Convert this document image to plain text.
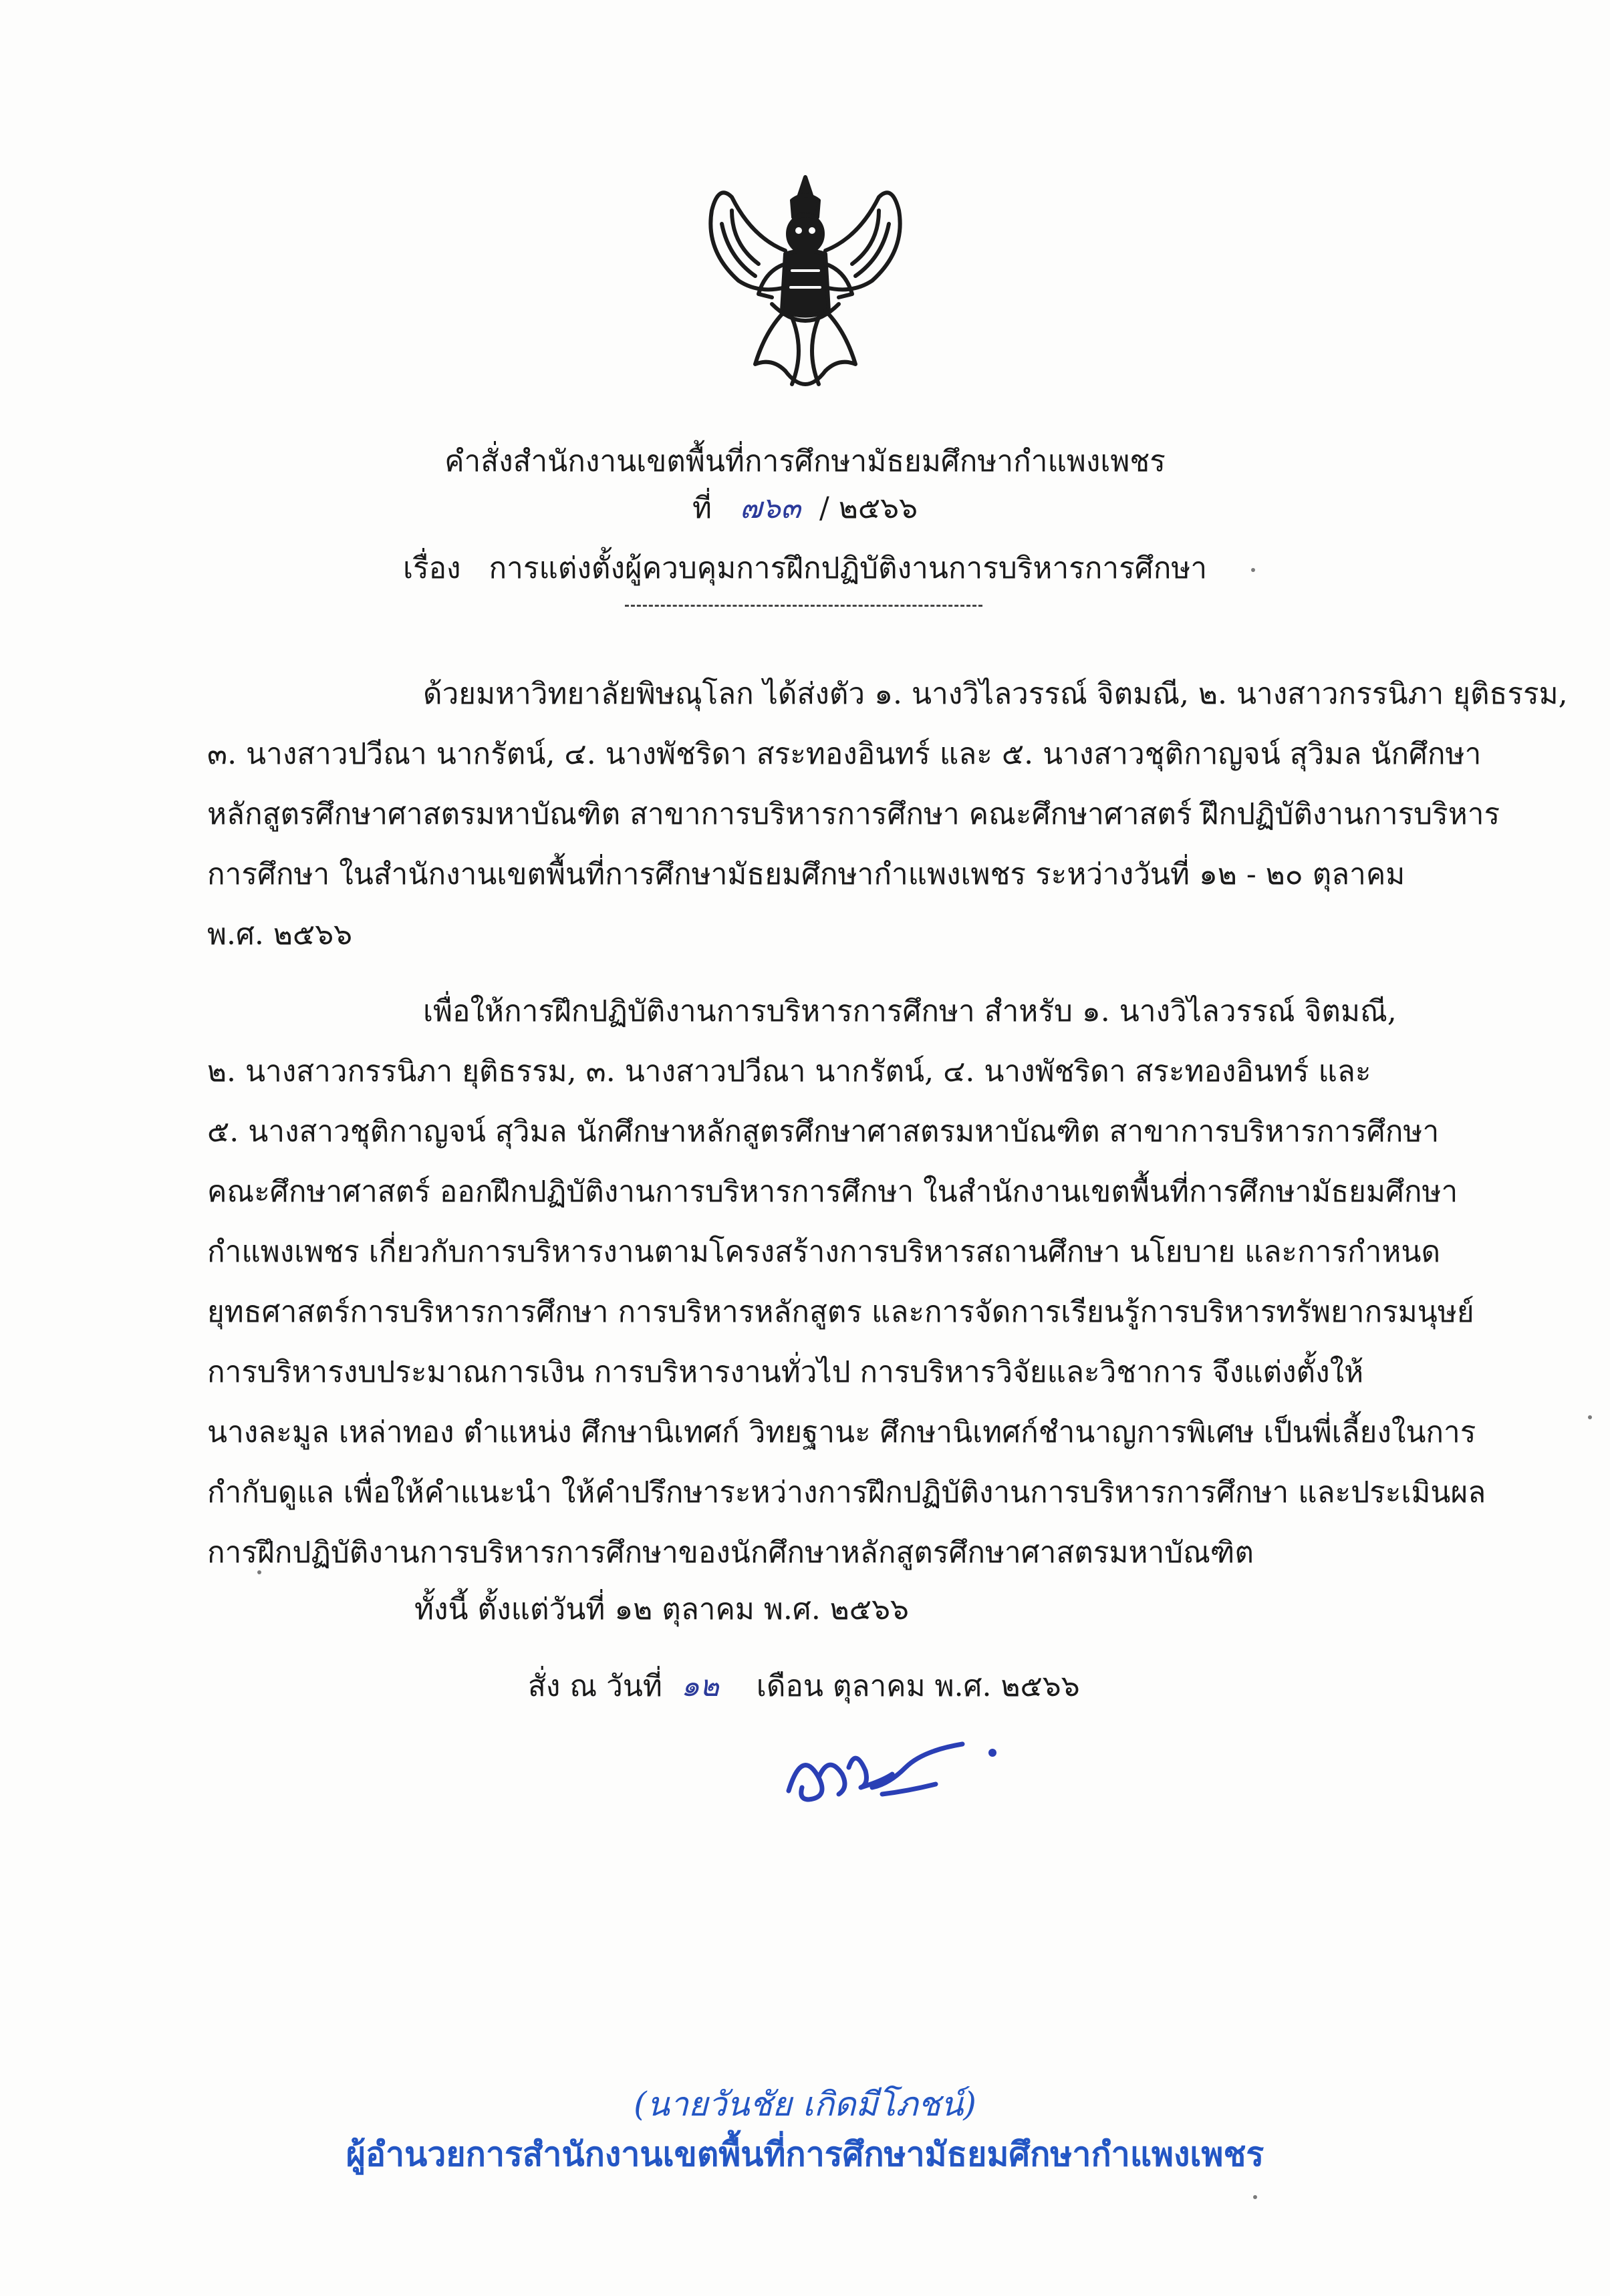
คำสั่งสำนักงานเขตพื้นที่การศึกษามัธยมศึกษากำแพงเพชร
ที่ ๗๖๓ / ๒๕๖๖
เรื่อง การแต่งตั้งผู้ควบคุมการฝึกปฏิบัติงานการบริหารการศึกษา
ด้วยมหาวิทยาลัยพิษณุโลก ได้ส่งตัว ๑. นางวิไลวรรณ์ จิตมณี, ๒. นางสาวกรรนิภา ยุติธรรม,
๓. นางสาวปวีณา นากรัตน์, ๔. นางพัชริดา สระทองอินทร์ และ ๕. นางสาวชุติกาญจน์ สุวิมล นักศึกษา
หลักสูตรศึกษาศาสตรมหาบัณฑิต สาขาการบริหารการศึกษา คณะศึกษาศาสตร์ ฝึกปฏิบัติงานการบริหาร
การศึกษา ในสำนักงานเขตพื้นที่การศึกษามัธยมศึกษากำแพงเพชร ระหว่างวันที่ ๑๒ - ๒๐ ตุลาคม
พ.ศ. ๒๕๖๖
เพื่อให้การฝึกปฏิบัติงานการบริหารการศึกษา สำหรับ ๑. นางวิไลวรรณ์ จิตมณี,
๒. นางสาวกรรนิภา ยุติธรรม, ๓. นางสาวปวีณา นากรัตน์, ๔. นางพัชริดา สระทองอินทร์ และ
๕. นางสาวชุติกาญจน์ สุวิมล นักศึกษาหลักสูตรศึกษาศาสตรมหาบัณฑิต สาขาการบริหารการศึกษา
คณะศึกษาศาสตร์ ออกฝึกปฏิบัติงานการบริหารการศึกษา ในสำนักงานเขตพื้นที่การศึกษามัธยมศึกษา
กำแพงเพชร เกี่ยวกับการบริหารงานตามโครงสร้างการบริหารสถานศึกษา นโยบาย และการกำหนด
ยุทธศาสตร์การบริหารการศึกษา การบริหารหลักสูตร และการจัดการเรียนรู้การบริหารทรัพยากรมนุษย์
การบริหารงบประมาณการเงิน การบริหารงานทั่วไป การบริหารวิจัยและวิชาการ จึงแต่งตั้งให้
นางละมูล เหล่าทอง ตำแหน่ง ศึกษานิเทศก์ วิทยฐานะ ศึกษานิเทศก์ชำนาญการพิเศษ เป็นพี่เลี้ยงในการ
กำกับดูแล เพื่อให้คำแนะนำ ให้คำปรึกษาระหว่างการฝึกปฏิบัติงานการบริหารการศึกษา และประเมินผล
การฝึกปฏิบัติงานการบริหารการศึกษาของนักศึกษาหลักสูตรศึกษาศาสตรมหาบัณฑิต
ทั้งนี้ ตั้งแต่วันที่ ๑๒ ตุลาคม พ.ศ. ๒๕๖๖
สั่ง ณ วันที่ ๑๒ เดือน ตุลาคม พ.ศ. ๒๕๖๖
(นายวันชัย เกิดมีโภชน์)
ผู้อำนวยการสำนักงานเขตพื้นที่การศึกษามัธยมศึกษากำแพงเพชร
